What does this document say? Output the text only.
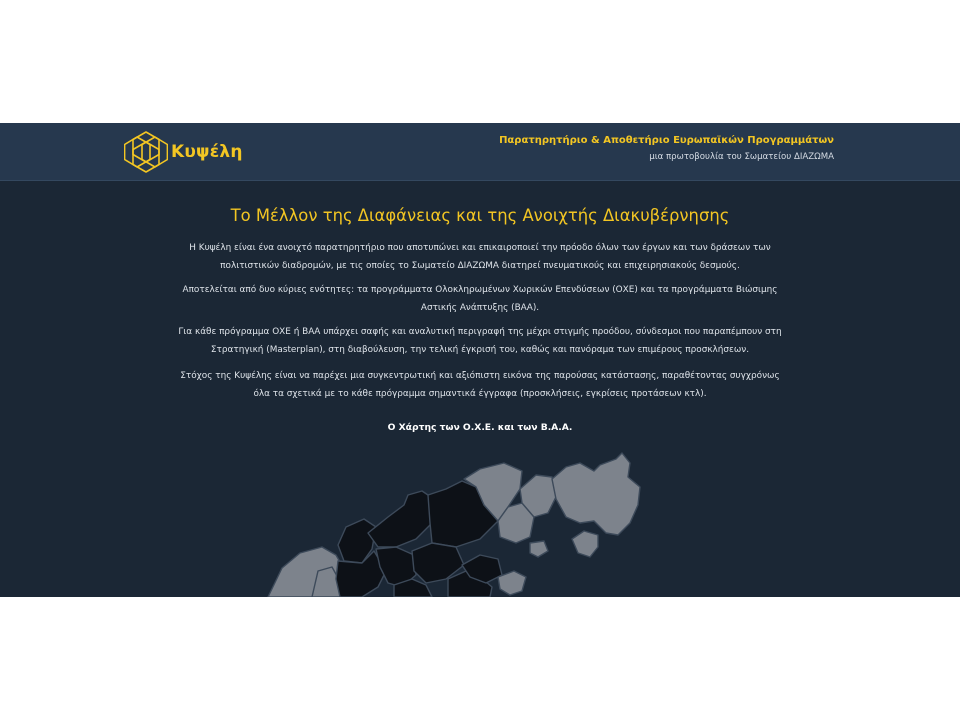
Κυψέλη
Παρατηρητήριο & Αποθετήριο Ευρωπαϊκών Προγραμμάτων
μια πρωτοβουλία του Σωματείου ΔΙΑΖΩΜΑ
Το Μέλλον της Διαφάνειας και της Ανοιχτής Διακυβέρνησης

Η Κυψέλη είναι ένα ανοιχτό παρατηρητήριο που αποτυπώνει και επικαιροποιεί την πρόοδο όλων των έργων και των δράσεων των
πολιτιστικών διαδρομών, με τις οποίες το Σωματείο ΔΙΑΖΩΜΑ διατηρεί πνευματικούς και επιχειρησιακούς δεσμούς.

Αποτελείται από δυο κύριες ενότητες: τα προγράμματα Ολοκληρωμένων Χωρικών Επενδύσεων (ΟΧΕ) και τα προγράμματα Βιώσιμης
Αστικής Ανάπτυξης (ΒΑΑ).

Για κάθε πρόγραμμα ΟΧΕ ή ΒΑΑ υπάρχει σαφής και αναλυτική περιγραφή της μέχρι στιγμής προόδου, σύνδεσμοι που παραπέμπουν στη
Στρατηγική (Masterplan), στη διαβούλευση, την τελική έγκρισή του, καθώς και πανόραμα των επιμέρους προσκλήσεων.

Στόχος της Κυψέλης είναι να παρέχει μια συγκεντρωτική και αξιόπιστη εικόνα της παρούσας κατάστασης, παραθέτοντας συγχρόνως
όλα τα σχετικά με το κάθε πρόγραμμα σημαντικά έγγραφα (προσκλήσεις, εγκρίσεις προτάσεων κτλ).

Ο Χάρτης των Ο.Χ.Ε. και των Β.Α.Α.
